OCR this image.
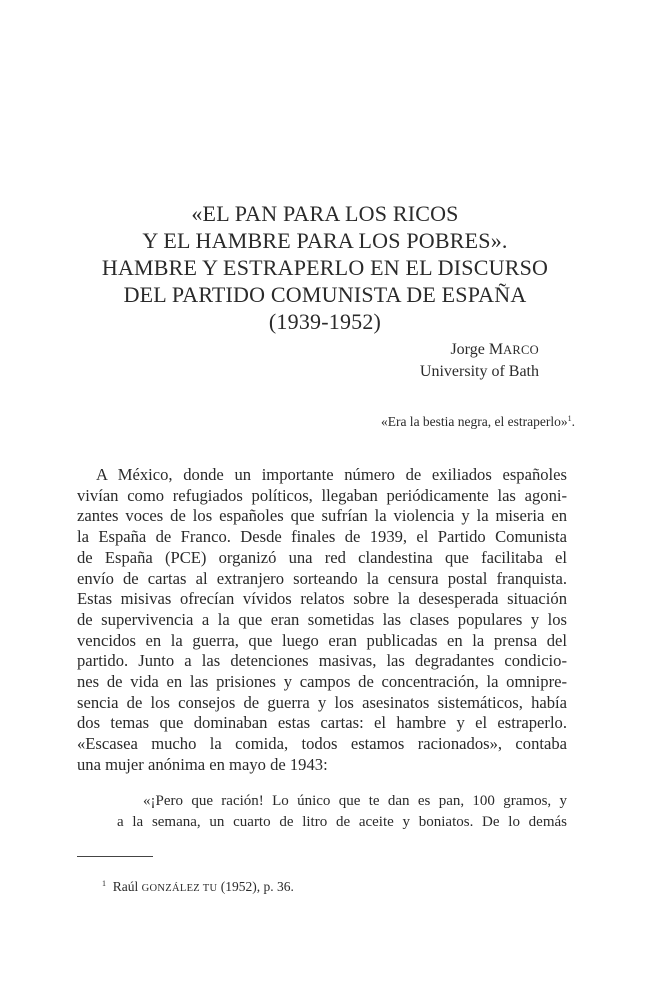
«EL PAN PARA LOS RICOS
Y EL HAMBRE PARA LOS POBRES».
HAMBRE Y ESTRAPERLO EN EL DISCURSO
DEL PARTIDO COMUNISTA DE ESPAÑA
(1939-1952)
Jorge MARCO
University of Bath
«Era la bestia negra, el estraperlo»$^1$.
A México, donde un importante número de exiliados españoles
vivían como refugiados políticos, llegaban periódicamente las agoni-
zantes voces de los españoles que sufrían la violencia y la miseria en
la España de Franco. Desde finales de 1939, el Partido Comunista
de España (PCE) organizó una red clandestina que facilitaba el
envío de cartas al extranjero sorteando la censura postal franquista.
Estas misivas ofrecían vívidos relatos sobre la desesperada situación
de supervivencia a la que eran sometidas las clases populares y los
vencidos en la guerra, que luego eran publicadas en la prensa del
partido. Junto a las detenciones masivas, las degradantes condicio-
nes de vida en las prisiones y campos de concentración, la omnipre-
sencia de los consejos de guerra y los asesinatos sistemáticos, había
dos temas que dominaban estas cartas: el hambre y el estraperlo.
«Escasea mucho la comida, todos estamos racionados», contaba
una mujer anónima en mayo de 1943:
«¡Pero que ración! Lo único que te dan es pan, 100 gramos, y
a la semana, un cuarto de litro de aceite y boniatos. De lo demás
$^1$ Raúl GONZÁLEZ TU (1952), p. 36.
